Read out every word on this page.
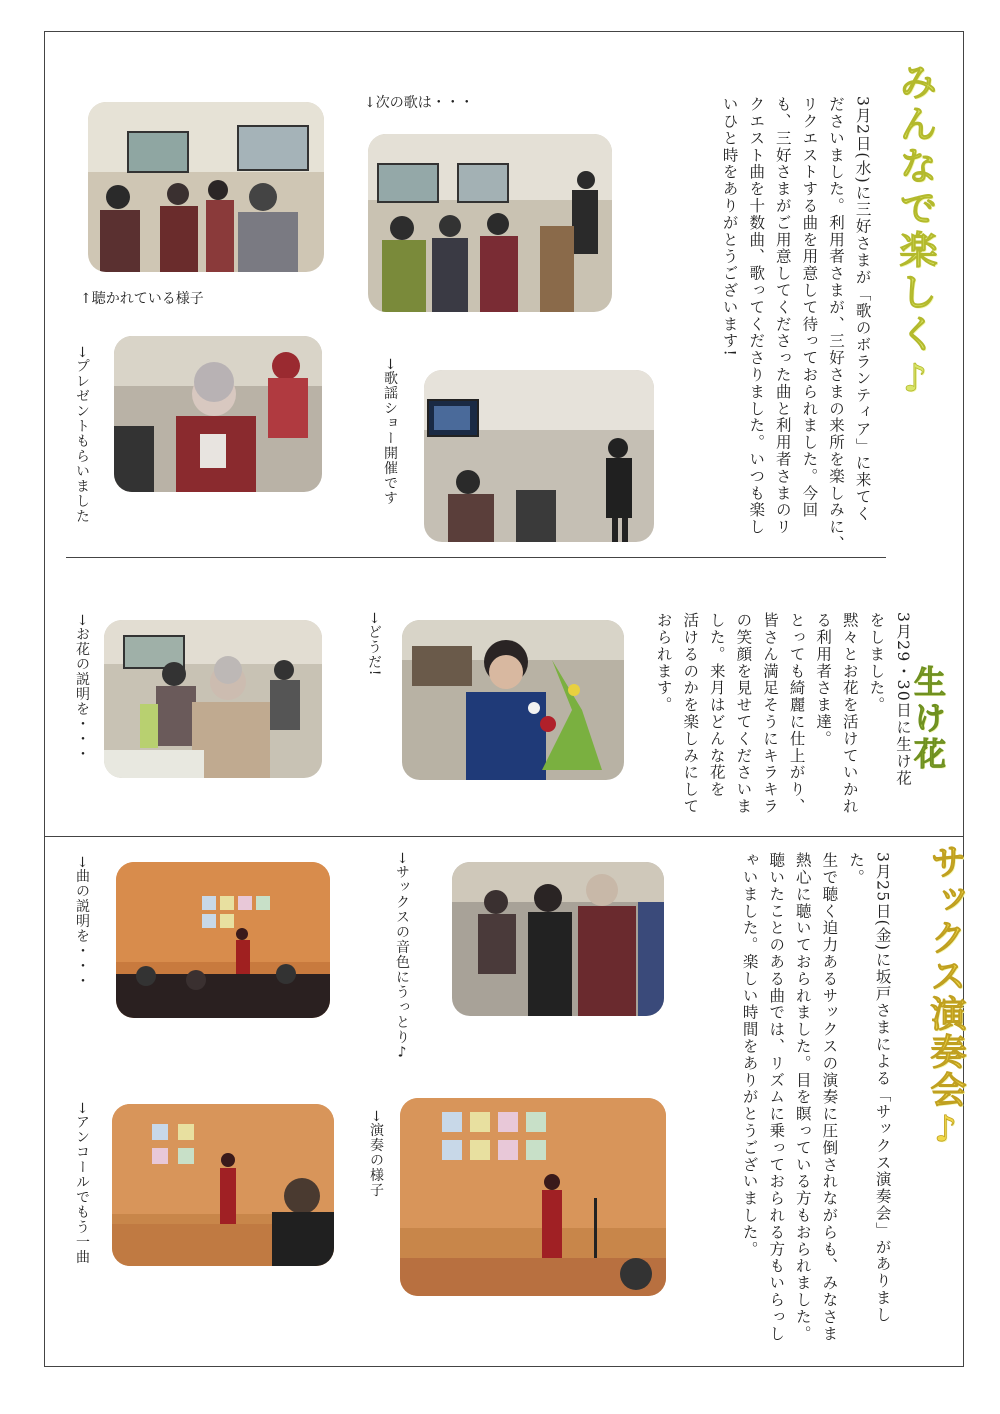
みんなで楽しく♪
3月2日(水)に三好さまが「歌のボランティア」に来てく
ださいました。利用者さまが、三好さまの来所を楽しみに、
リクエストする曲を用意して待っておられました。今回
も、三好さまがご用意してくださった曲と利用者さまのリ
クエスト曲を十数曲、歌ってくださりました。いつも楽し
いひと時をありがとうございます!
↑聴かれている様子
↓次の歌は・・・
→プレゼントもらいました	→歌謡ショー開催です
生け花
3月29・30日に生け花
をしました。
黙々とお花を活けていかれ
る利用者さま達。
とっても綺麗に仕上がり、
皆さん満足そうにキラキラ
の笑顔を見せてくださいま
した。来月はどんな花を
活けるのかを楽しみにして
おられます。
→お花の説明を・・・	→どうだ!
サックス演奏会♪
3月25日(金)に坂戸さまによる「サックス演奏会」がありまし
た。
生で聴く迫力あるサックスの演奏に圧倒されながらも、みなさま
熱心に聴いておられました。目を瞑っている方もおられました。
聴いたことのある曲では、リズムに乗っておられる方もいらっし
ゃいました。楽しい時間をありがとうございました。
→曲の説明を・・・	→サックスの音色にうっとり♪
→アンコールでもう一曲	→演奏の様子
